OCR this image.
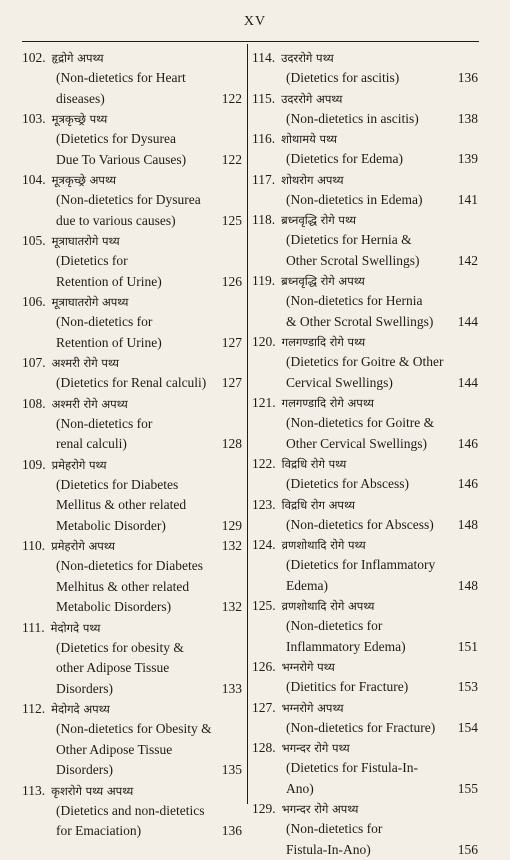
XV
102. हृद्रोगे अपथ्य
(Non-dietetics for Heart
diseases)	122
103. मूत्रकृच्छ्रे पथ्य
(Dietetics for Dysurea
Due To Various Causes)	122
104. मूत्रकृच्छ्रे अपथ्य
(Non-dietetics for Dysurea
due to various causes)	125
105. मूत्राघातरोगे पथ्य
(Dietetics for
Retention of Urine)	126
106. मूत्राघातरोगे अपथ्य
(Non-dietetics for
Retention of Urine)	127
107. अश्मरी रोगे पथ्य
(Dietetics for Renal calculi) 127
108. अश्मरी रोगे अपथ्य
(Non-dietetics for
renal calculi)	128
109. प्रमेहरोगे पथ्य
(Dietetics for Diabetes
Mellitus & other related
Metabolic Disorder)	129
110. प्रमेहरोगे अपथ्य	132
(Non-dietetics for Diabetes
Melhitus & other related
Metabolic Disorders)	132
111. मेदोगदे पथ्य
(Dietetics for obesity &
other Adipose Tissue
Disorders)	133
112. मेदोगदे अपथ्य
(Non-dietetics for Obesity &
Other Adipose Tissue
Disorders)	135
113. कृशरोगे पथ्य अपथ्य
(Dietetics and non-dietetics
for Emaciation)	136
114. उदररोगे पथ्य
(Dietetics for ascitis)	136
115. उदररोगे अपथ्य
(Non-dietetics in ascitis)	138
116. शोथामये पथ्य
(Dietetics for Edema)	139
117. शोथरोग अपथ्य
(Non-dietetics in Edema)	141
118. ब्रध्नवृद्धि रोगे पथ्य
(Dietetics for Hernia &
Other Scrotal Swellings)	142
119. ब्रध्नवृद्धि रोगे अपथ्य
(Non-dietetics for Hernia
& Other Scrotal Swellings) 144
120. गलगण्डादि रोगे पथ्य
(Dietetics for Goitre & Other
Cervical Swellings)	144
121. गलगण्डादि रोगे अपथ्य
(Non-dietetics for Goitre &
Other Cervical Swellings) 146
122. विद्रधि रोगे पथ्य
(Dietetics for Abscess)	146
123. विद्रधि रोग अपथ्य
(Non-dietetics for Abscess) 148
124. व्रणशोथादि रोगे पथ्य
(Dietetics for Inflammatory
Edema)	148
125. व्रणशोथादि रोगे अपथ्य
(Non-dietetics for
Inflammatory Edema)	151
126. भग्नरोगे पथ्य
(Dietitics for Fracture)	153
127. भग्नरोगे अपथ्य
(Non-dietetics for Fracture) 154
128. भगन्दर रोगे पथ्य
(Dietetics for Fistula-In-
Ano)	155
129. भगन्दर रोगे अपथ्य
(Non-dietetics for
Fistula-In-Ano)	156
